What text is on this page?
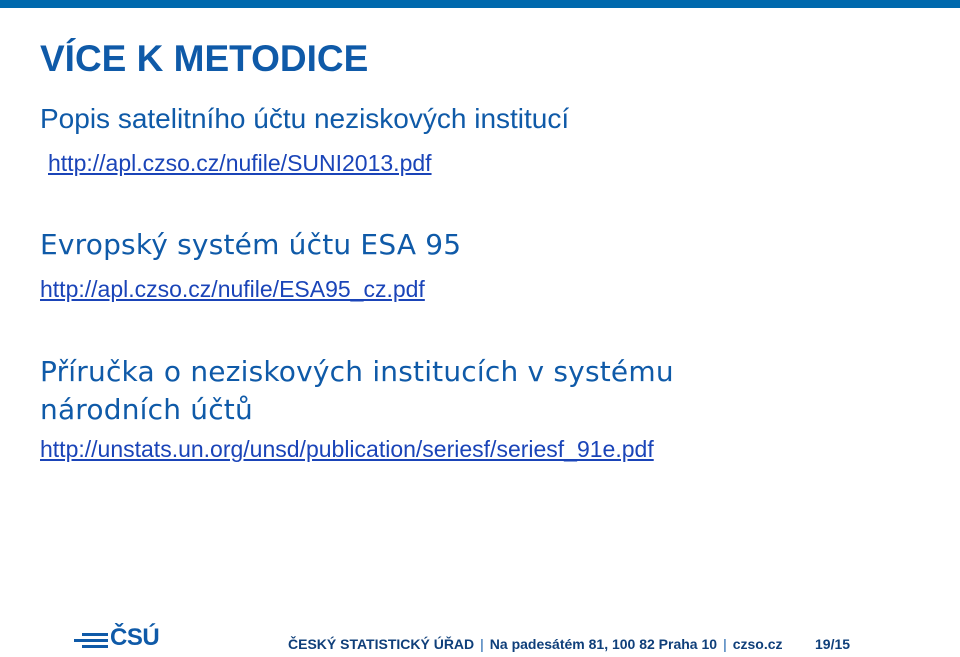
VÍCE K METODICE

Popis satelitního účtu neziskových institucí

http://apl.czso.cz/nufile/SUNI2013.pdf

Evropský systém účtu ESA 95

http://apl.czso.cz/nufile/ESA95_cz.pdf

Příručka o neziskových institucích v systému národních účtů

http://unstats.un.org/unsd/publication/seriesf/seriesf_91e.pdf
ČSÚ	ČESKÝ STATISTICKÝ ÚŘAD | Na padesátém 81, 100 82 Praha 10 | czso.cz 19/15
